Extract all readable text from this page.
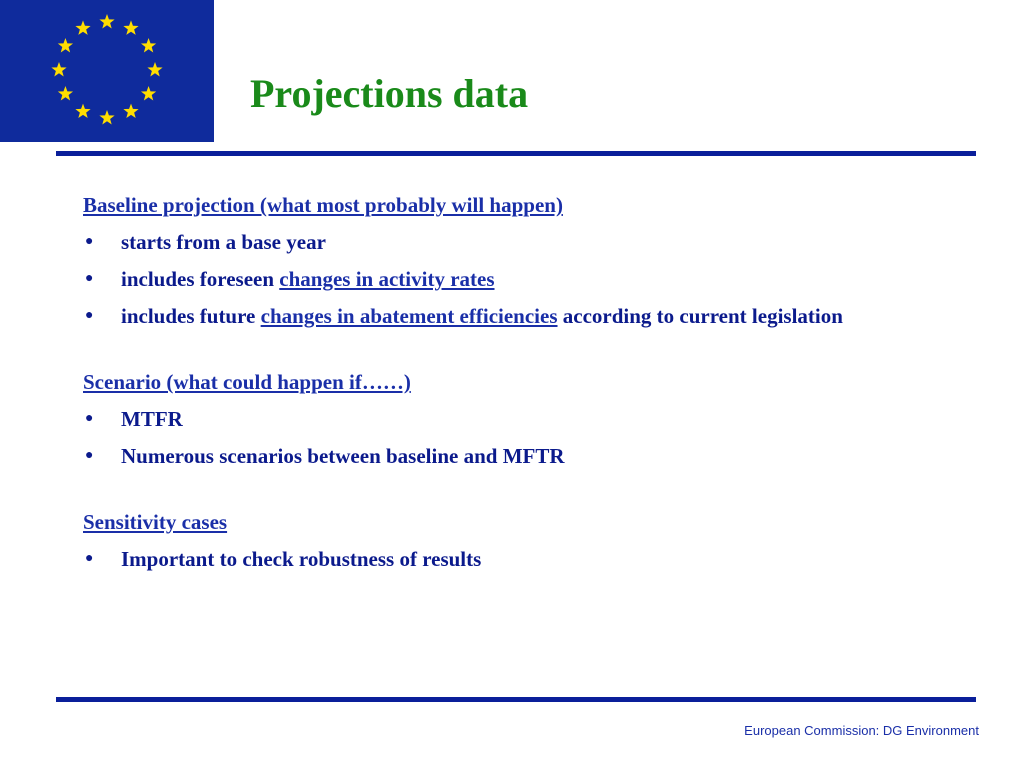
Projections data

Baseline projection (what most probably will happen)

● starts from a base year
● includes foreseen changes in activity rates
● includes future changes in abatement efficiencies according to current legislation

Scenario (what could happen if……)

● MTFR
● Numerous scenarios between baseline and MFTR

Sensitivity cases

● Important to check robustness of results
European Commission: DG Environment
